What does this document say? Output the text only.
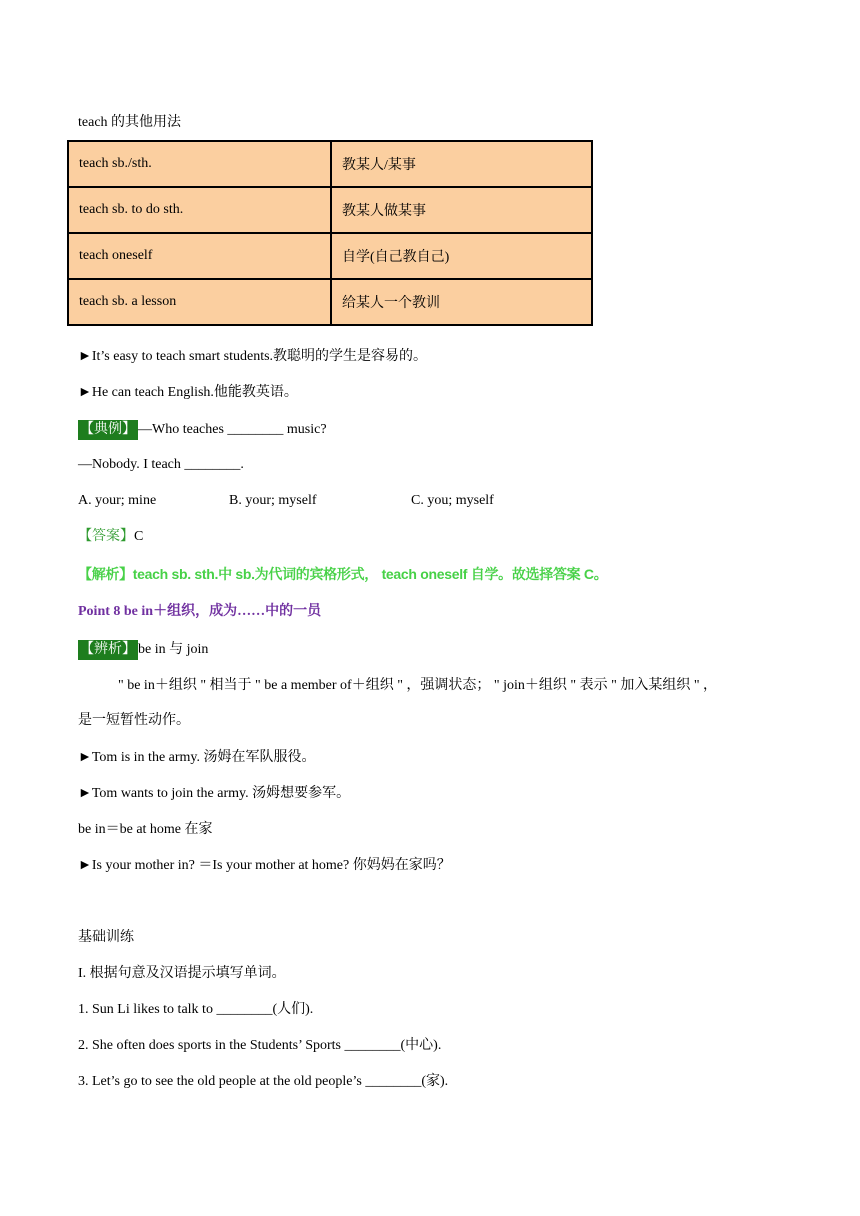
teach 的其他用法
teach sb./sth.	教某人/某事
teach sb. to do sth.	教某人做某事
teach oneself	自学(自己教自己)
teach sb. a lesson	给某人一个教训
►It’s easy to teach smart students.教聪明的学生是容易的。
►He can teach English.他能教英语。
【典例】 —Who teaches ________ music?
—Nobody. I teach ________.
A. your; mine	B. your; myself	C. you; myself
【答案】C
【解析】teach sb. sth.中 sb.为代词的宾格形式， teach oneself 自学。故选择答案 C。
Point 8 be in＋组织，成为……中的一员
【辨析】 be in 与 join
" be in＋组织 " 相当于 " be a member of＋组织 " ，强调状态； " join＋组织 " 表示 " 加入某组织 " ，
是一短暂性动作。
►Tom is in the army. 汤姆在军队服役。
►Tom wants to join the army. 汤姆想要参军。
be in＝be at home 在家
►Is your mother in? ＝Is your mother at home? 你妈妈在家吗？
基础训练
I. 根据句意及汉语提示填写单词。
1. Sun Li likes to talk to ________(人们).
2. She often does sports in the Students’ Sports ________(中心).
3. Let’s go to see the old people at the old people’s ________(家).
